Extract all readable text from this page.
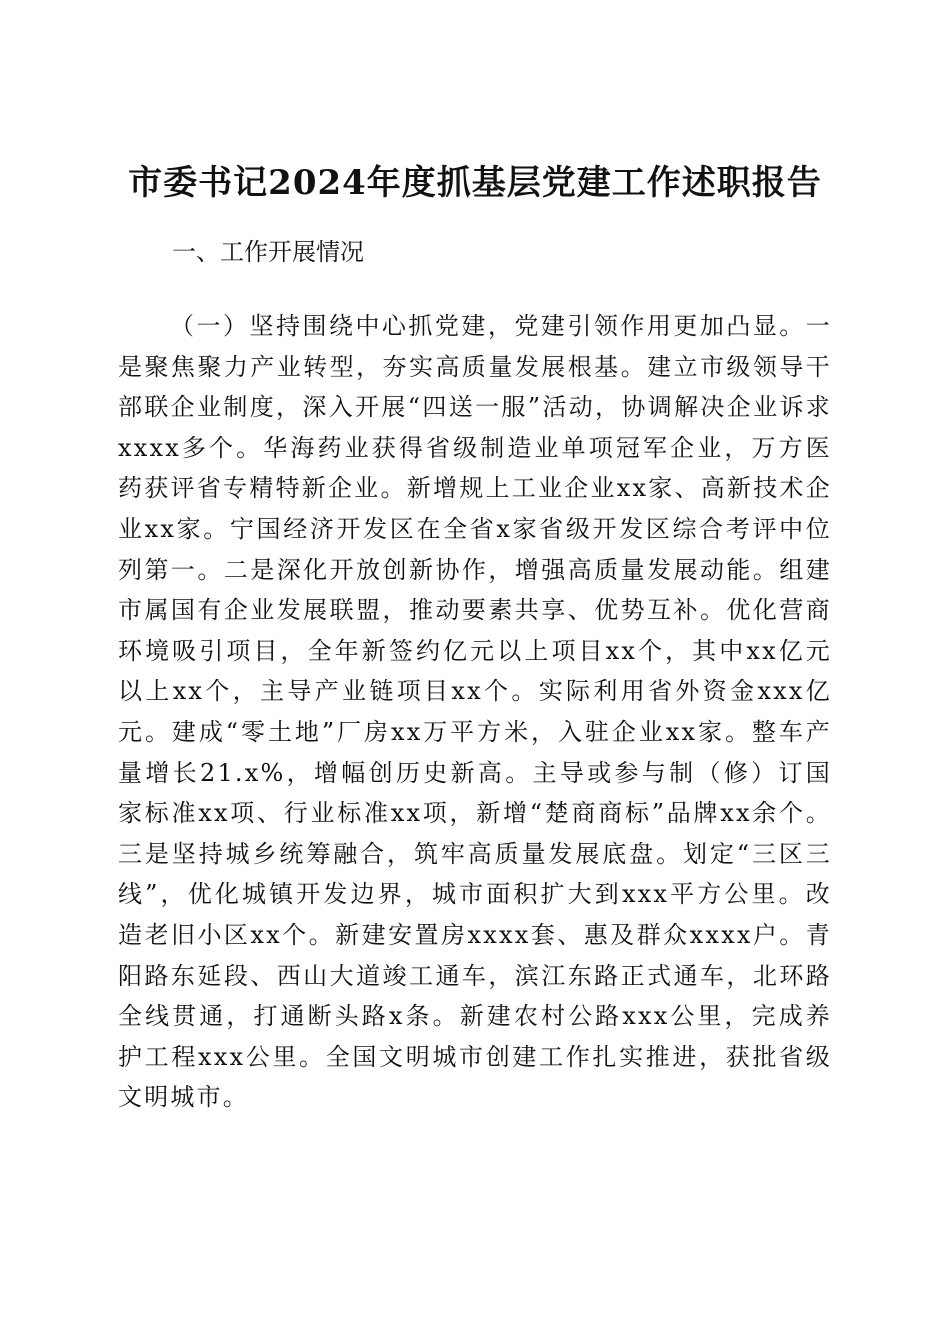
市委书记2024年度抓基层党建工作述职报告
一、工作开展情况

（一）坚持围绕中心抓党建，党建引领作用更加凸显。一是聚焦聚力产业转型，夯实高质量发展根基。建立市级领导干部联企业制度，深入开展“四送一服”活动，协调解决企业诉求xxxx多个。华海药业获得省级制造业单项冠军企业，万方医药获评省专精特新企业。新增规上工业企业xx家、高新技术企业xx家。宁国经济开发区在全省x家省级开发区综合考评中位列第一。二是深化开放创新协作，增强高质量发展动能。组建市属国有企业发展联盟，推动要素共享、优势互补。优化营商环境吸引项目，全年新签约亿元以上项目xx个，其中xx亿元以上xx个，主导产业链项目xx个。实际利用省外资金xxx亿元。建成“零土地”厂房xx万平方米，入驻企业xx家。整车产量增长21.x%，增幅创历史新高。主导或参与制（修）订国家标准xx项、行业标准xx项，新增“楚商商标”品牌xx余个。三是坚持城乡统筹融合，筑牢高质量发展底盘。划定“三区三线”，优化城镇开发边界，城市面积扩大到xxx平方公里。改造老旧小区xx个。新建安置房xxxx套、惠及群众xxxx户。青阳路东延段、西山大道竣工通车，滨江东路正式通车，北环路全线贯通，打通断头路x条。新建农村公路xxx公里，完成养护工程xxx公里。全国文明城市创建工作扎实推进，获批省级文明城市。
